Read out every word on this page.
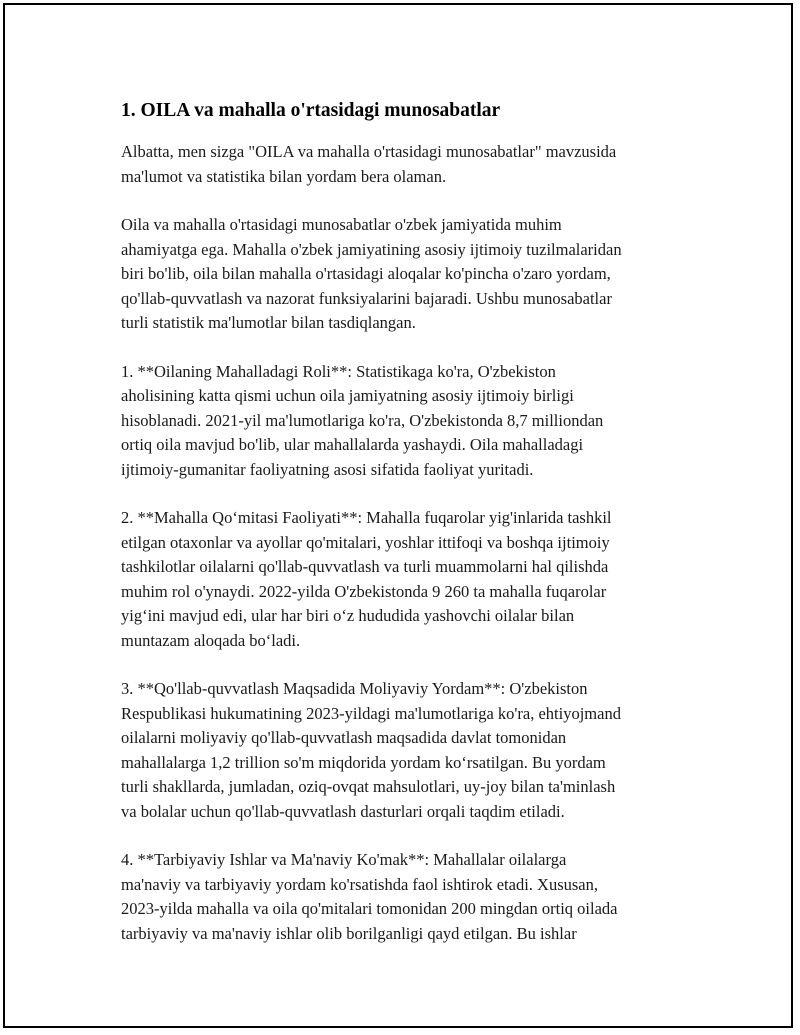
1. OILA va mahalla o'rtasidagi munosabatlar

Albatta, men sizga "OILA va mahalla o'rtasidagi munosabatlar" mavzusida
ma'lumot va statistika bilan yordam bera olaman.

Oila va mahalla o'rtasidagi munosabatlar o'zbek jamiyatida muhim
ahamiyatga ega. Mahalla o'zbek jamiyatining asosiy ijtimoiy tuzilmalaridan
biri bo'lib, oila bilan mahalla o'rtasidagi aloqalar ko'pincha o'zaro yordam,
qo'llab-quvvatlash va nazorat funksiyalarini bajaradi. Ushbu munosabatlar
turli statistik ma'lumotlar bilan tasdiqlangan.

1. **Oilaning Mahalladagi Roli**: Statistikaga ko'ra, O'zbekiston
aholisining katta qismi uchun oila jamiyatning asosiy ijtimoiy birligi
hisoblanadi. 2021-yil ma'lumotlariga ko'ra, O'zbekistonda 8,7 milliondan
ortiq oila mavjud bo'lib, ular mahallalarda yashaydi. Oila mahalladagi
ijtimoiy-gumanitar faoliyatning asosi sifatida faoliyat yuritadi.

2. **Mahalla Qoʻmitasi Faoliyati**: Mahalla fuqarolar yig'inlarida tashkil
etilgan otaxonlar va ayollar qo'mitalari, yoshlar ittifoqi va boshqa ijtimoiy
tashkilotlar oilalarni qo'llab-quvvatlash va turli muammolarni hal qilishda
muhim rol o'ynaydi. 2022-yilda O'zbekistonda 9 260 ta mahalla fuqarolar
yigʻini mavjud edi, ular har biri oʻz hududida yashovchi oilalar bilan
muntazam aloqada boʻladi.

3. **Qo'llab-quvvatlash Maqsadida Moliyaviy Yordam**: O'zbekiston
Respublikasi hukumatining 2023-yildagi ma'lumotlariga ko'ra, ehtiyojmand
oilalarni moliyaviy qo'llab-quvvatlash maqsadida davlat tomonidan
mahallalarga 1,2 trillion so'm miqdorida yordam koʻrsatilgan. Bu yordam
turli shakllarda, jumladan, oziq-ovqat mahsulotlari, uy-joy bilan ta'minlash
va bolalar uchun qo'llab-quvvatlash dasturlari orqali taqdim etiladi.

4. **Tarbiyaviy Ishlar va Ma'naviy Ko'mak**: Mahallalar oilalarga
ma'naviy va tarbiyaviy yordam ko'rsatishda faol ishtirok etadi. Xususan,
2023-yilda mahalla va oila qo'mitalari tomonidan 200 mingdan ortiq oilada
tarbiyaviy va ma'naviy ishlar olib borilganligi qayd etilgan. Bu ishlar
